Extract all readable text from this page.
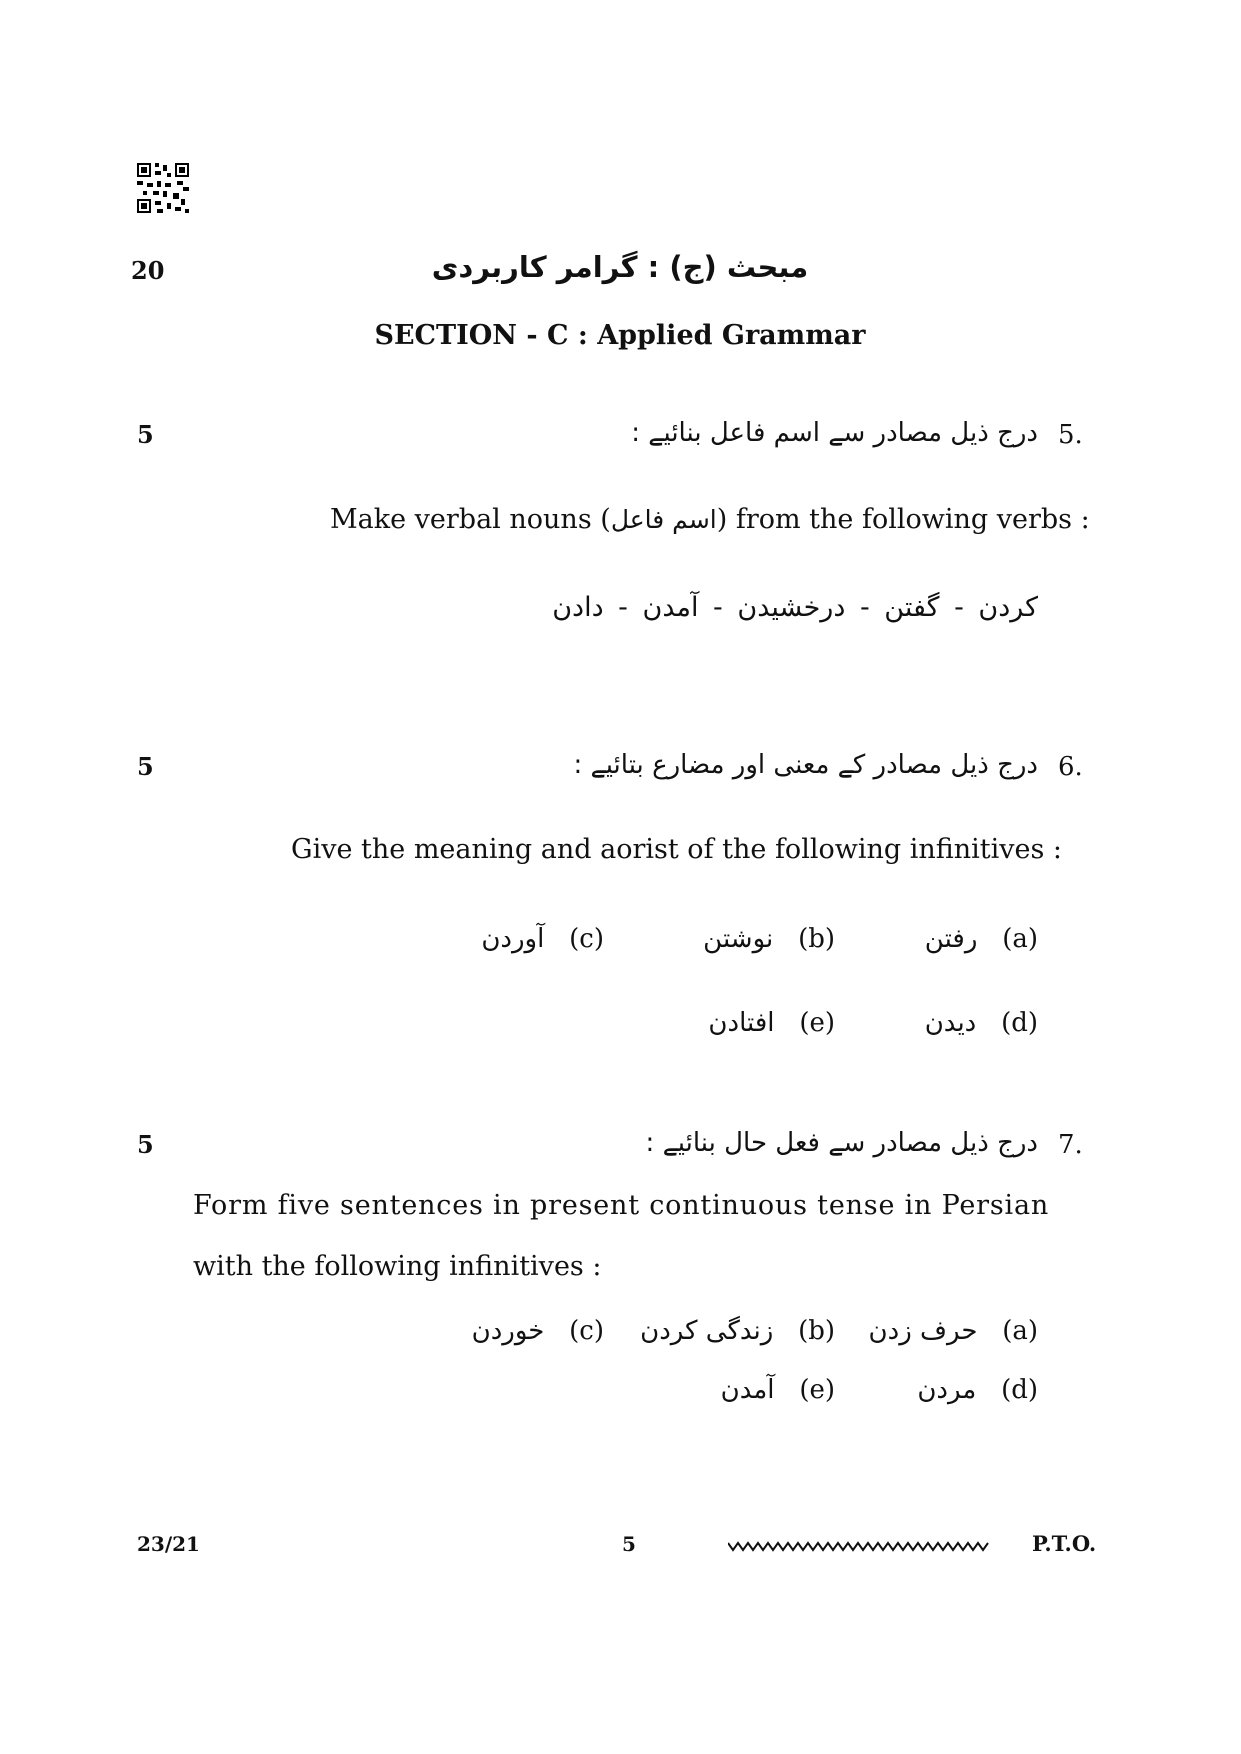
20	مبحث (ج) : گرامر کاربردی
SECTION - C : Applied Grammar
5	5.
درج ذیل مصادر سے اسم فاعل بنائیے :
Make verbal nouns (اسم فاعل) from the following verbs :
کردن - گفتن - درخشیدن - آمدن - دادن
5	6.
درج ذیل مصادر کے معنی اور مضارع بتائیے :
Give the meaning and aorist of the following infinitives :
رفتن (a)
نوشتن (b)
آوردن (c)
دیدن (d)
افتادن (e)
5	7.
درج ذیل مصادر سے فعل حال بنائیے :
Form five sentences in present continuous tense in Persian
with the following infinitives :
حرف زدن (a)
زندگی کردن (b)
خوردن (c)
مردن (d)
آمدن (e)
23/21	5	P.T.O.
